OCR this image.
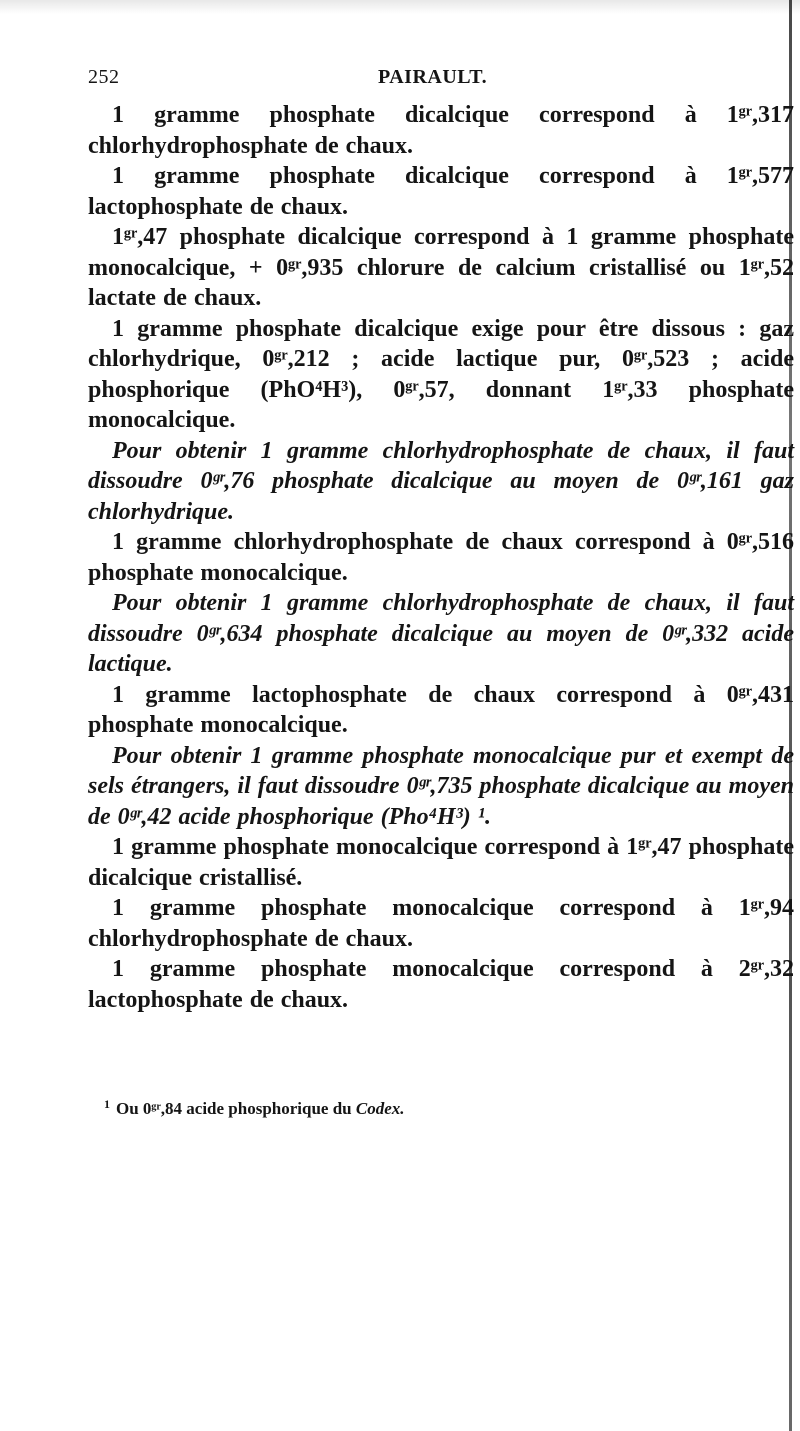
252	PAIRAULT.

1 gramme phosphate dicalcique correspond à 1ᵍʳ,317 chlorhydrophosphate de chaux.

1 gramme phosphate dicalcique correspond à 1ᵍʳ,577 lactophosphate de chaux.

1ᵍʳ,47 phosphate dicalcique correspond à 1 gramme phosphate monocalcique, + 0ᵍʳ,935 chlorure de calcium cristallisé ou 1ᵍʳ,52 lactate de chaux.

1 gramme phosphate dicalcique exige pour être dissous : gaz chlorhydrique, 0ᵍʳ,212 ; acide lactique pur, 0ᵍʳ,523 ; acide phosphorique (PhO⁴H³), 0ᵍʳ,57, donnant 1ᵍʳ,33 phosphate monocalcique.

Pour obtenir 1 gramme chlorhydrophosphate de chaux, il faut dissoudre 0ᵍʳ,76 phosphate dicalcique au moyen de 0ᵍʳ,161 gaz chlorhydrique.

1 gramme chlorhydrophosphate de chaux correspond à 0ᵍʳ,516 phosphate monocalcique.

Pour obtenir 1 gramme chlorhydrophosphate de chaux, il faut dissoudre 0ᵍʳ,634 phosphate dicalcique au moyen de 0ᵍʳ,332 acide lactique.

1 gramme lactophosphate de chaux correspond à 0ᵍʳ,431 phosphate monocalcique.

Pour obtenir 1 gramme phosphate monocalcique pur et exempt de sels étrangers, il faut dissoudre 0ᵍʳ,735 phosphate dicalcique au moyen de 0ᵍʳ,42 acide phosphorique (Pho⁴H³) ¹.

1 gramme phosphate monocalcique correspond à 1ᵍʳ,47 phosphate dicalcique cristallisé.

1 gramme phosphate monocalcique correspond à 1ᵍʳ,94 chlorhydrophosphate de chaux.

1 gramme phosphate monocalcique correspond à 2ᵍʳ,32 lactophosphate de chaux.

$^1$ Ou 0ᵍʳ,84 acide phosphorique du Codex.
